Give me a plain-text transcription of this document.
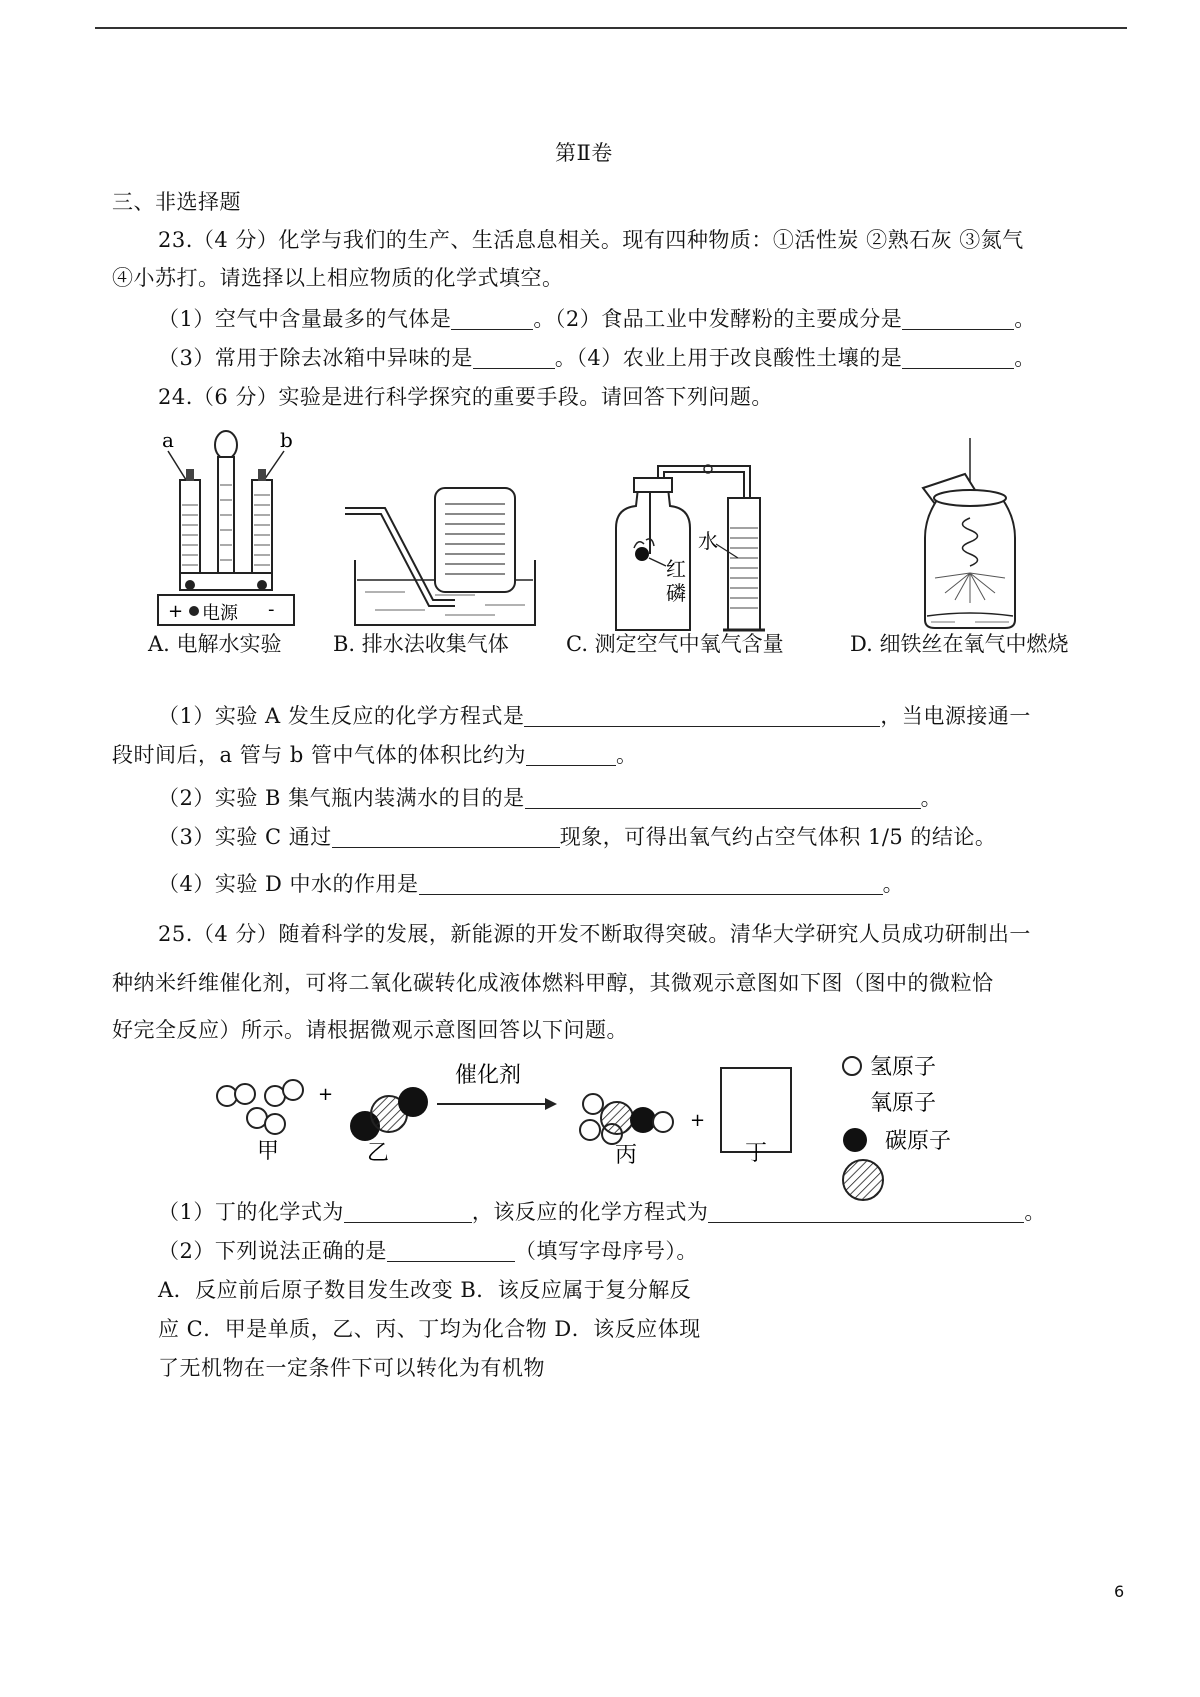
第Ⅱ卷
三、非选择题
23.（4 分）化学与我们的生产、生活息息相关。现有四种物质：①活性炭 ②熟石灰 ③氮气
④小苏打。请选择以上相应物质的化学式填空。
（1）空气中含量最多的气体是	。（2）食品工业中发酵粉的主要成分是	。
（3）常用于除去冰箱中异味的是	。（4）农业上用于改良酸性土壤的是	。
24.（6 分）实验是进行科学探究的重要手段。请回答下列问题。
a	b
+ 电源 -
水
红
磷
A. 电解水实验 B. 排水法收集气体	C. 测定空气中氧气含量	D. 细铁丝在氧气中燃烧
（1）实验 A 发生反应的化学方程式是	，当电源接通一
段时间后，a 管与 b 管中气体的体积比约为	。
（2）实验 B 集气瓶内装满水的目的是	。
（3）实验 C 通过	现象，可得出氧气约占空气体积 1/5 的结论。
（4）实验 D 中水的作用是	。
25.（4 分）随着科学的发展，新能源的开发不断取得突破。清华大学研究人员成功研制出一
种纳米纤维催化剂，可将二氧化碳转化成液体燃料甲醇，其微观示意图如下图（图中的微粒恰
好完全反应）所示。请根据微观示意图回答以下问题。
+
甲	乙
催化剂
丙
+
丁
氢原子
氧原子
碳原子
（1）丁的化学式为	，该反应的化学方程式为	。
（2）下列说法正确的是	（填写字母序号）。
A．反应前后原子数目发生改变 B．该反应属于复分解反
应 C．甲是单质，乙、丙、丁均为化合物 D．该反应体现
了无机物在一定条件下可以转化为有机物
6
